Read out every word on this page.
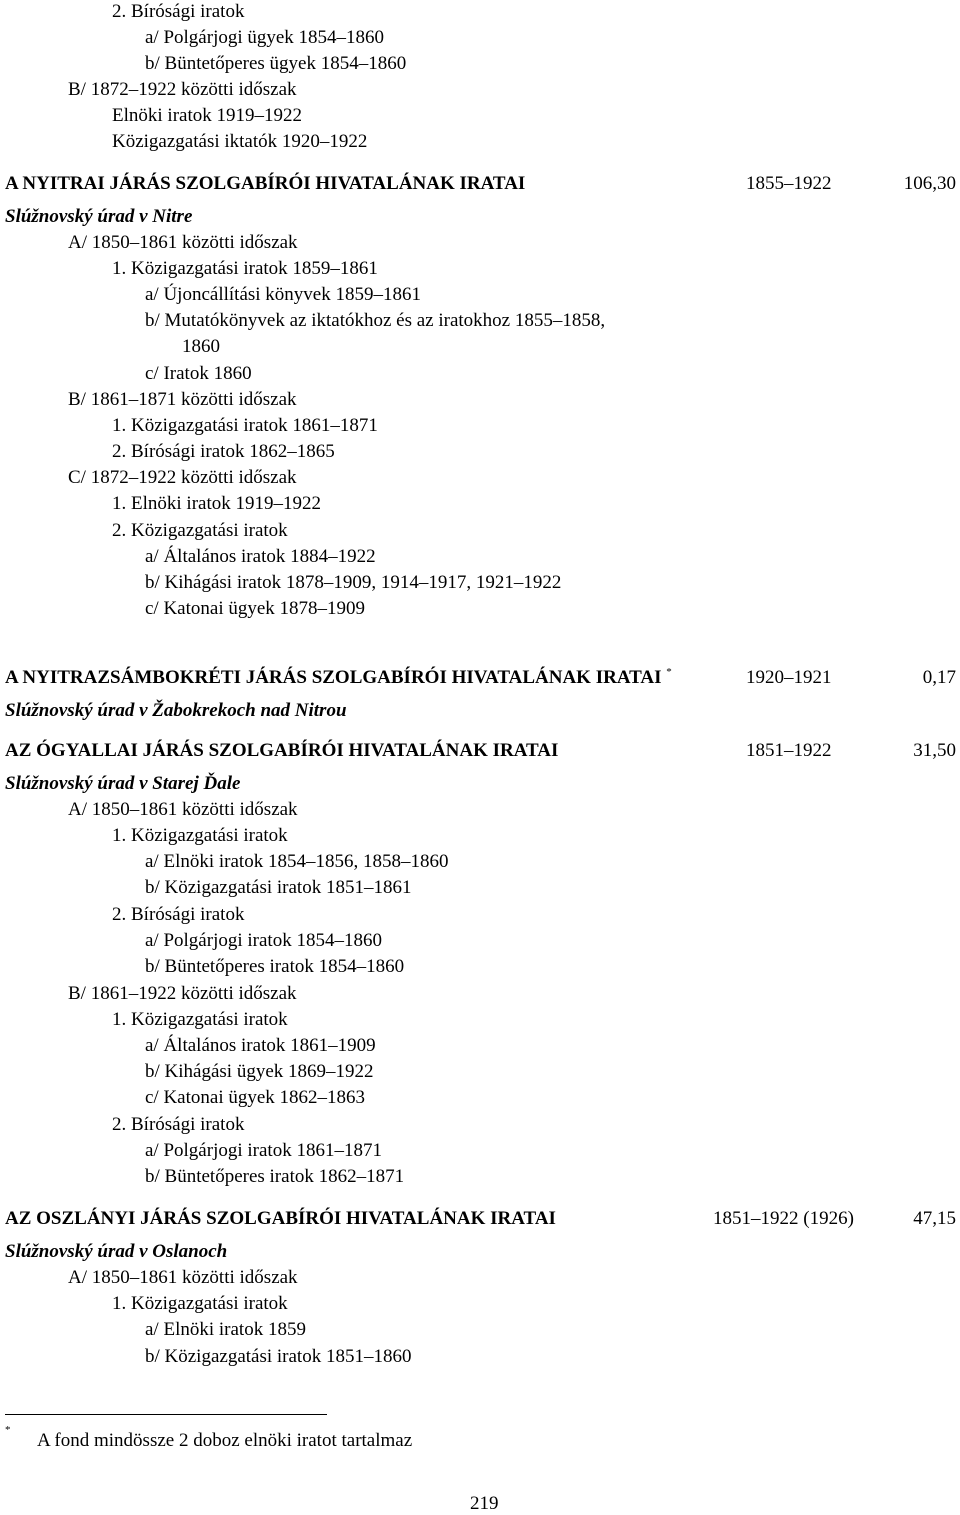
2. Bírósági iratok
a/ Polgárjogi ügyek 1854–1860
b/ Büntetőperes ügyek 1854–1860
B/ 1872–1922 közötti időszak
Elnöki iratok 1919–1922
Közigazgatási iktatók 1920–1922
A NYITRAI JÁRÁS SZOLGABÍRÓI HIVATALÁNAK IRATAI	1855–1922	106,30
Slúžnovský úrad v Nitre
A/ 1850–1861 közötti időszak
1. Közigazgatási iratok 1859–1861
a/ Újoncállítási könyvek 1859–1861
b/ Mutatókönyvek az iktatókhoz és az iratokhoz 1855–1858,
1860
c/ Iratok 1860
B/ 1861–1871 közötti időszak
1. Közigazgatási iratok 1861–1871
2. Bírósági iratok 1862–1865
C/ 1872–1922 közötti időszak
1. Elnöki iratok 1919–1922
2. Közigazgatási iratok
a/ Általános iratok 1884–1922
b/ Kihágási iratok 1878–1909, 1914–1917, 1921–1922
c/ Katonai ügyek 1878–1909
A NYITRAZSÁMBOKRÉTI JÁRÁS SZOLGABÍRÓI HIVATALÁNAK IRATAI *	1920–1921	0,17
Slúžnovský úrad v Žabokrekoch nad Nitrou
AZ ÓGYALLAI JÁRÁS SZOLGABÍRÓI HIVATALÁNAK IRATAI	1851–1922	31,50
Slúžnovský úrad v Starej Ďale
A/ 1850–1861 közötti időszak
1. Közigazgatási iratok
a/ Elnöki iratok 1854–1856, 1858–1860
b/ Közigazgatási iratok 1851–1861
2. Bírósági iratok
a/ Polgárjogi iratok 1854–1860
b/ Büntetőperes iratok 1854–1860
B/ 1861–1922 közötti időszak
1. Közigazgatási iratok
a/ Általános iratok 1861–1909
b/ Kihágási ügyek 1869–1922
c/ Katonai ügyek 1862–1863
2. Bírósági iratok
a/ Polgárjogi iratok 1861–1871
b/ Büntetőperes iratok 1862–1871
AZ OSZLÁNYI JÁRÁS SZOLGABÍRÓI HIVATALÁNAK IRATAI	1851–1922 (1926)	47,15
Slúžnovský úrad v Oslanoch
A/ 1850–1861 közötti időszak
1. Közigazgatási iratok
a/ Elnöki iratok 1859
b/ Közigazgatási iratok 1851–1860
* A fond mindössze 2 doboz elnöki iratot tartalmaz
219
